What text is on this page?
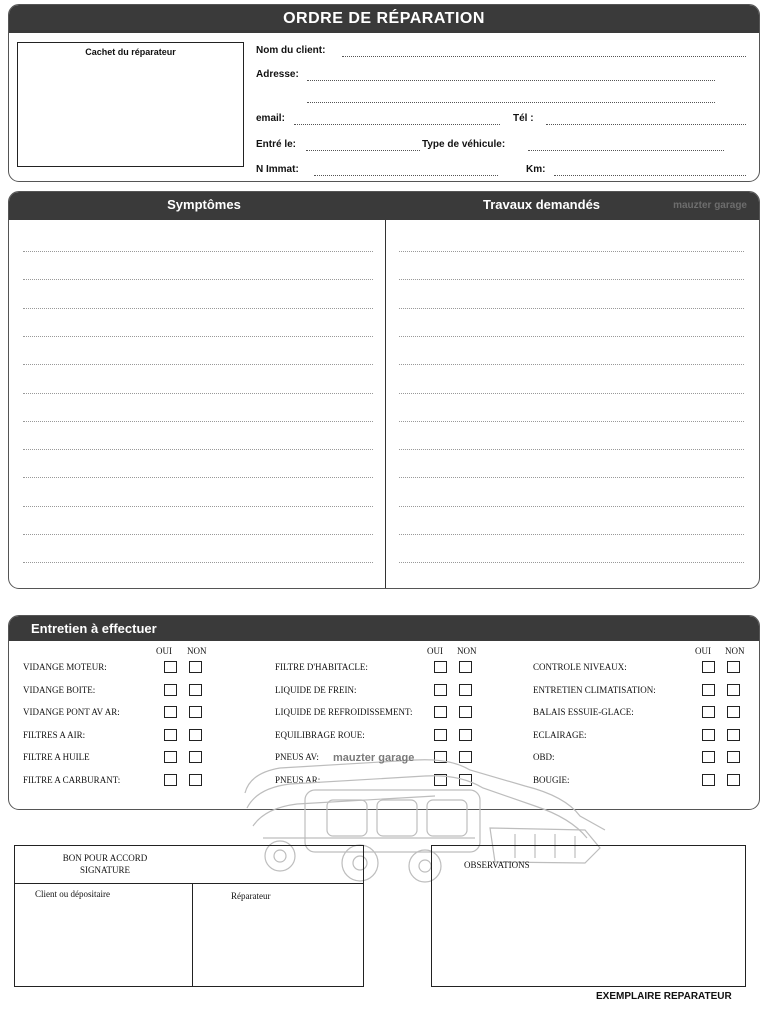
ORDRE DE RÉPARATION
Cachet du réparateur	Nom du client:
Adresse:
email:	Tél :
Entré le:	Type de véhicule:
N Immat:	Km:
Symptômes	Travaux demandés	mauzter garage
Entretien à effectuer
OUI NON	OUI NON	OUI NON
VIDANGE MOTEUR:
VIDANGE BOITE:
VIDANGE PONT AV AR:
FILTRES A AIR:
FILTRE A HUILE
FILTRE A CARBURANT:
FILTRE D'HABITACLE:
LIQUIDE DE FREIN:
LIQUIDE DE REFROIDISSEMENT:
EQUILIBRAGE ROUE:
PNEUS AV:
PNEUS AR:
CONTROLE NIVEAUX:
ENTRETIEN CLIMATISATION:
BALAIS ESSUIE-GLACE:
ECLAIRAGE:
OBD:
BOUGIE:
mauzter garage
BON POUR ACCORD
SIGNATURE
Client ou dépositaire	Réparateur
OBSERVATIONS
EXEMPLAIRE REPARATEUR
